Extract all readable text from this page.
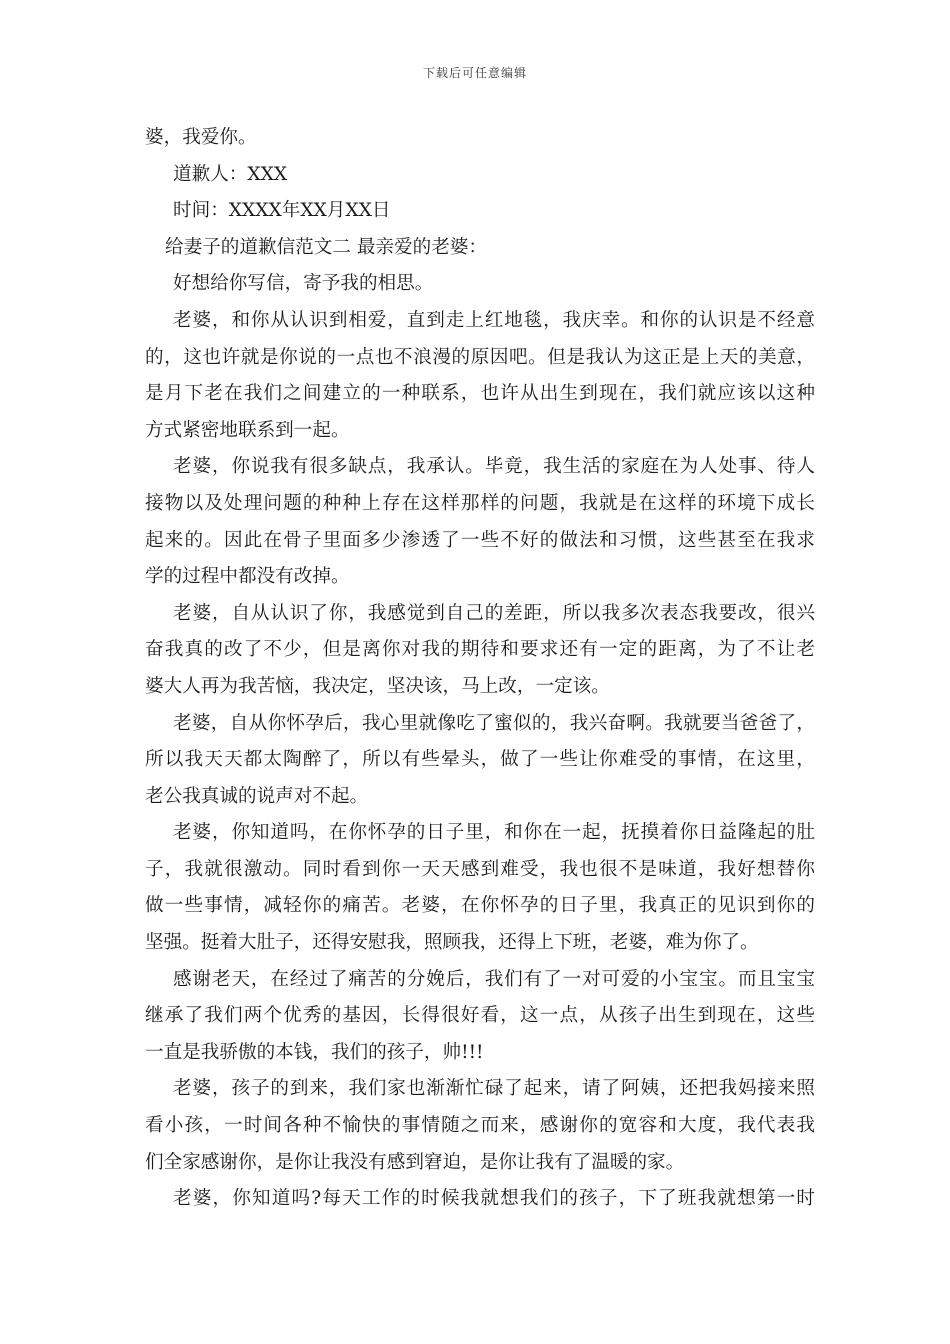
下载后可任意编辑
婆，我爱你。
道歉人：XXX
时间：XXXX年XX月XX日
给妻子的道歉信范文二 最亲爱的老婆：
好想给你写信，寄予我的相思。
老婆，和你从认识到相爱，直到走上红地毯，我庆幸。和你的认识是不经意
的，这也许就是你说的一点也不浪漫的原因吧。但是我认为这正是上天的美意，
是月下老在我们之间建立的一种联系，也许从出生到现在，我们就应该以这种
方式紧密地联系到一起。
老婆，你说我有很多缺点，我承认。毕竟，我生活的家庭在为人处事、待人
接物以及处理问题的种种上存在这样那样的问题，我就是在这样的环境下成长
起来的。因此在骨子里面多少渗透了一些不好的做法和习惯，这些甚至在我求
学的过程中都没有改掉。
老婆，自从认识了你，我感觉到自己的差距，所以我多次表态我要改，很兴
奋我真的改了不少，但是离你对我的期待和要求还有一定的距离，为了不让老
婆大人再为我苦恼，我决定，坚决该，马上改，一定该。
老婆，自从你怀孕后，我心里就像吃了蜜似的，我兴奋啊。我就要当爸爸了，
所以我天天都太陶醉了，所以有些晕头，做了一些让你难受的事情，在这里，
老公我真诚的说声对不起。
老婆，你知道吗，在你怀孕的日子里，和你在一起，抚摸着你日益隆起的肚
子，我就很激动。同时看到你一天天感到难受，我也很不是味道，我好想替你
做一些事情，减轻你的痛苦。老婆，在你怀孕的日子里，我真正的见识到你的
坚强。挺着大肚子，还得安慰我，照顾我，还得上下班，老婆，难为你了。
感谢老天，在经过了痛苦的分娩后，我们有了一对可爱的小宝宝。而且宝宝
继承了我们两个优秀的基因，长得很好看，这一点，从孩子出生到现在，这些
一直是我骄傲的本钱，我们的孩子，帅!!!
老婆，孩子的到来，我们家也渐渐忙碌了起来，请了阿姨，还把我妈接来照
看小孩，一时间各种不愉快的事情随之而来，感谢你的宽容和大度，我代表我
们全家感谢你，是你让我没有感到窘迫，是你让我有了温暖的家。
老婆，你知道吗?每天工作的时候我就想我们的孩子，下了班我就想第一时
